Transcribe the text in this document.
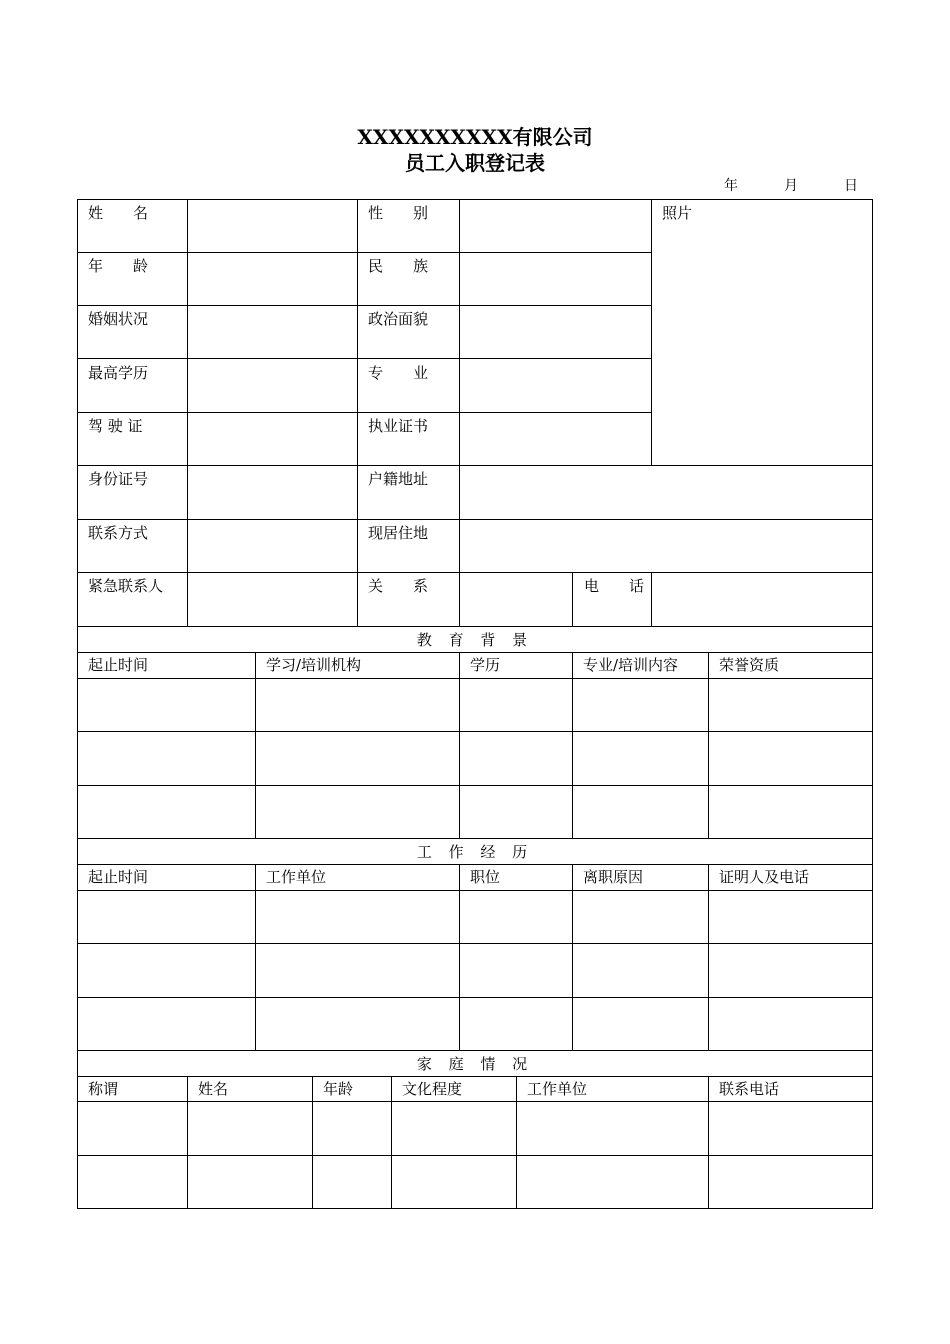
XXXXXXXXXX有限公司
员工入职登记表
年	月	日
姓　　名	性　　别	照片
年　　龄	民　　族
婚姻状况	政治面貌
最高学历	专　　业
驾 驶 证	执业证书
身份证号	户籍地址
联系方式	现居住地
紧急联系人	关　　系	电　　话
教 育 背 景
起止时间	学习/培训机构	学历	专业/培训内容	荣誉资质
工 作 经 历
起止时间	工作单位	职位	离职原因	证明人及电话
家 庭 情 况
称谓	姓名	年龄	文化程度	工作单位	联系电话
